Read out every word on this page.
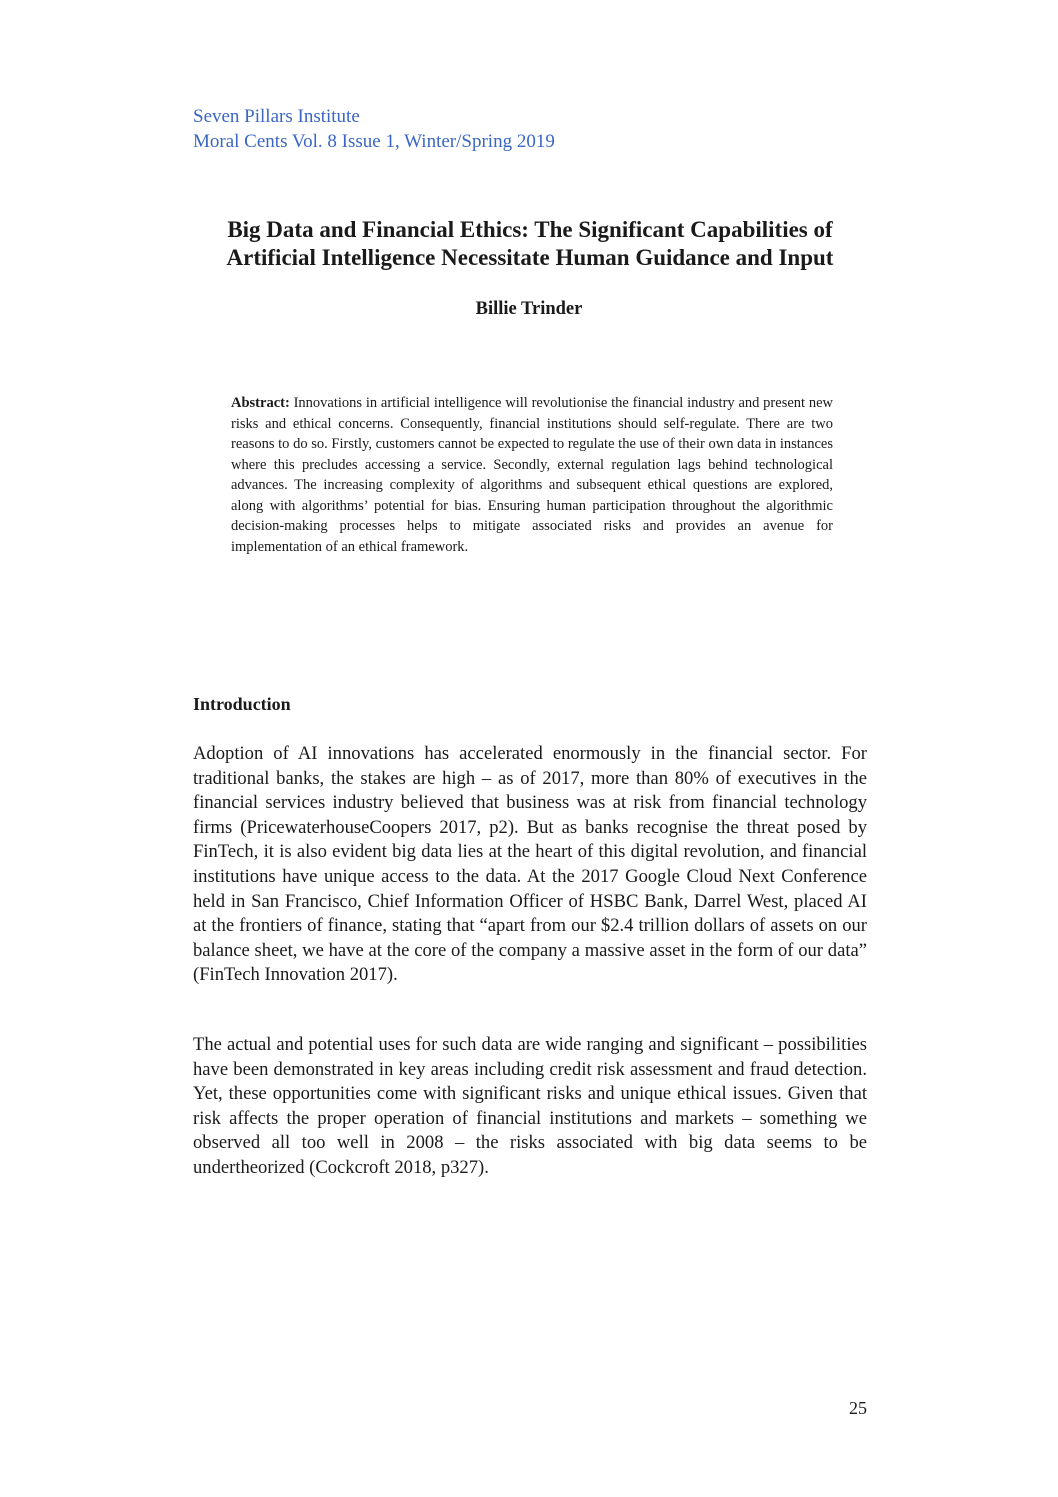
Seven Pillars Institute
Moral Cents Vol. 8 Issue 1, Winter/Spring 2019
Big Data and Financial Ethics: The Significant Capabilities of
Artificial Intelligence Necessitate Human Guidance and Input
Billie Trinder
Abstract: Innovations in artificial intelligence will revolutionise the financial industry and present new risks and ethical concerns. Consequently, financial institutions should self-regulate. There are two reasons to do so. Firstly, customers cannot be expected to regulate the use of their own data in instances where this precludes accessing a service. Secondly, external regulation lags behind technological advances. The increasing complexity of algorithms and subsequent ethical questions are explored, along with algorithms’ potential for bias. Ensuring human participation throughout the algorithmic decision-making processes helps to mitigate associated risks and provides an avenue for implementation of an ethical framework.
Introduction
Adoption of AI innovations has accelerated enormously in the financial sector. For traditional banks, the stakes are high – as of 2017, more than 80% of executives in the financial services industry believed that business was at risk from financial technology firms (PricewaterhouseCoopers 2017, p2). But as banks recognise the threat posed by FinTech, it is also evident big data lies at the heart of this digital revolution, and financial institutions have unique access to the data. At the 2017 Google Cloud Next Conference held in San Francisco, Chief Information Officer of HSBC Bank, Darrel West, placed AI at the frontiers of finance, stating that “apart from our $2.4 trillion dollars of assets on our balance sheet, we have at the core of the company a massive asset in the form of our data” (FinTech Innovation 2017).
The actual and potential uses for such data are wide ranging and significant – possibilities have been demonstrated in key areas including credit risk assessment and fraud detection. Yet, these opportunities come with significant risks and unique ethical issues. Given that risk affects the proper operation of financial institutions and markets – something we observed all too well in 2008 – the risks associated with big data seems to be undertheorized (Cockcroft 2018, p327).
25
